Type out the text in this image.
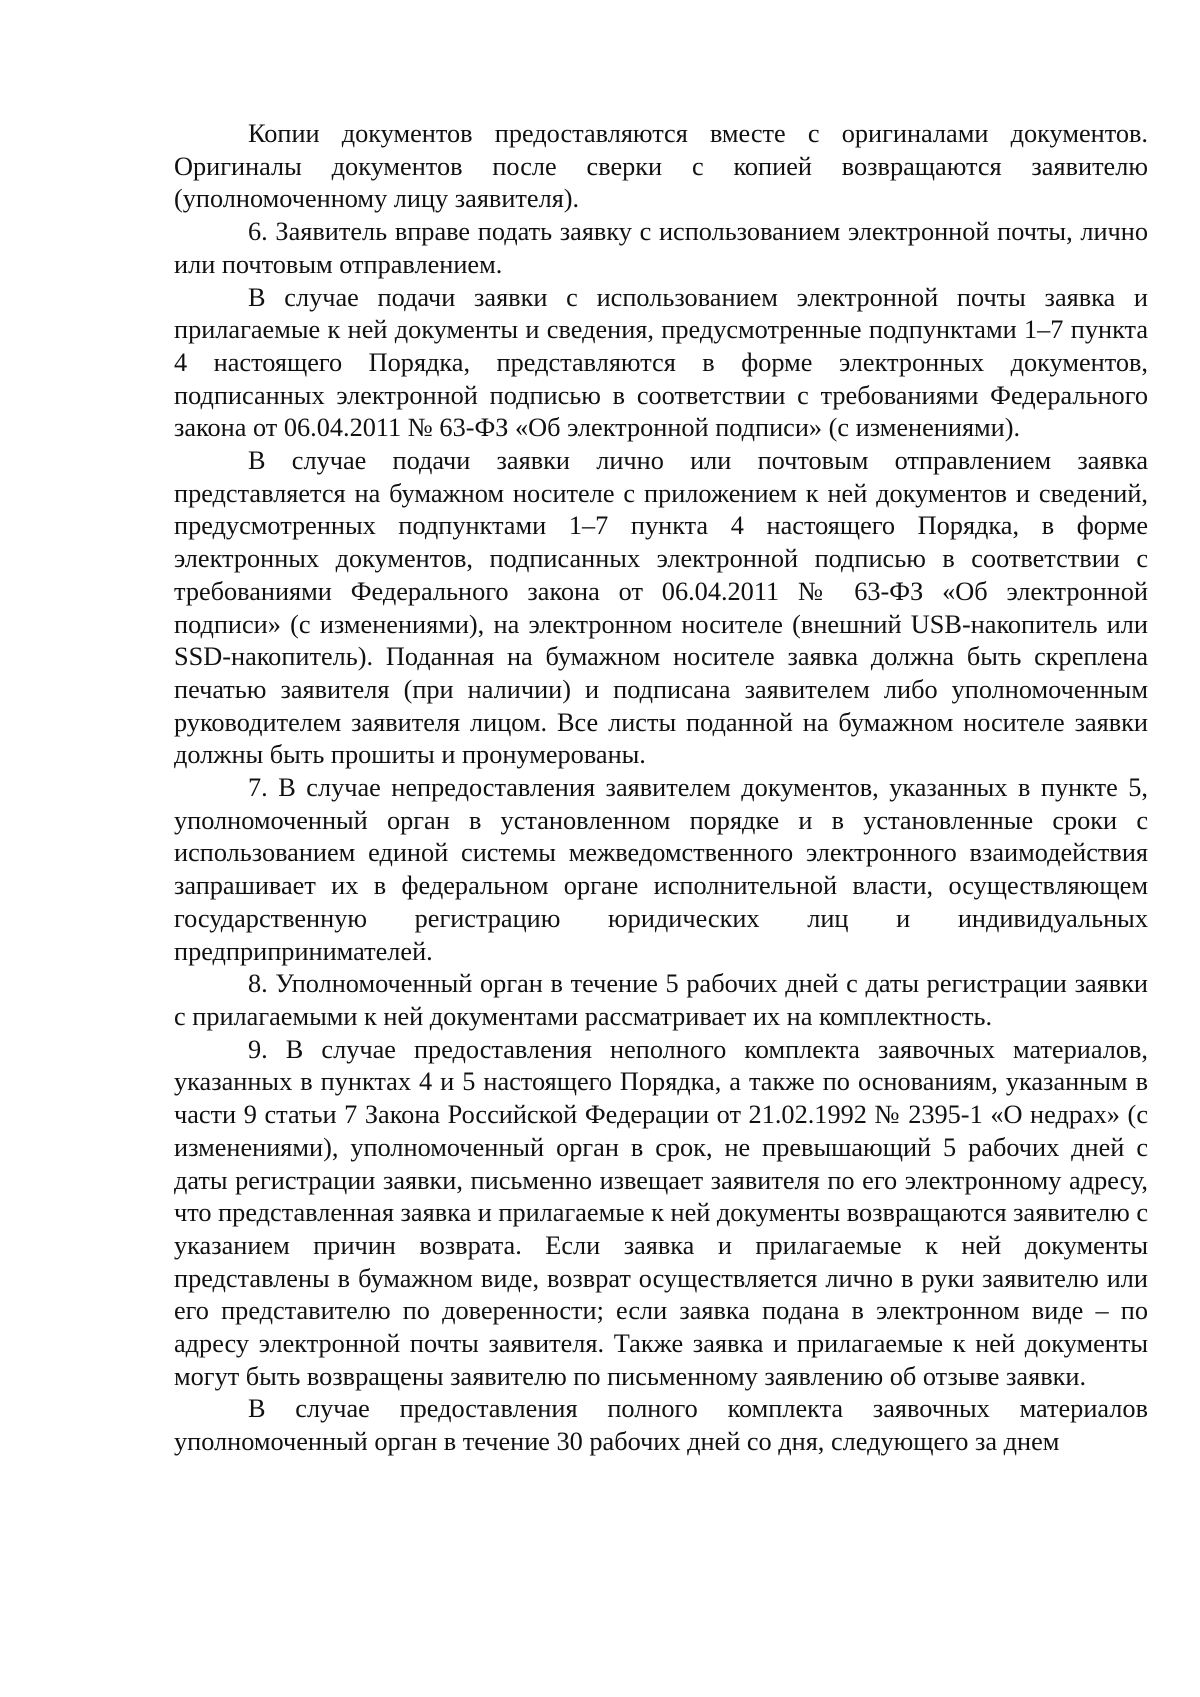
Копии документов предоставляются вместе с оригиналами документов. Оригиналы документов после сверки с копией возвращаются заявителю (уполномоченному лицу заявителя).

6. Заявитель вправе подать заявку с использованием электронной почты, лично или почтовым отправлением.

В случае подачи заявки с использованием электронной почты заявка и прилагаемые к ней документы и сведения, предусмотренные подпунктами 1–7 пункта 4 настоящего Порядка, представляются в форме электронных документов, подписанных электронной подписью в соответствии с требованиями Федерального закона от 06.04.2011 № 63-ФЗ «Об электронной подписи» (с изменениями).

В случае подачи заявки лично или почтовым отправлением заявка представляется на бумажном носителе с приложением к ней документов и сведений, предусмотренных подпунктами 1–7 пункта 4 настоящего Порядка, в форме электронных документов, подписанных электронной подписью в соответствии с требованиями Федерального закона от 06.04.2011 № 63-ФЗ «Об электронной подписи» (с изменениями), на электронном носителе (внешний USB-накопитель или SSD-накопитель). Поданная на бумажном носителе заявка должна быть скреплена печатью заявителя (при наличии) и подписана заявителем либо уполномоченным руководителем заявителя лицом. Все листы поданной на бумажном носителе заявки должны быть прошиты и пронумерованы.

7. В случае непредоставления заявителем документов, указанных в пункте 5, уполномоченный орган в установленном порядке и в установленные сроки с использованием единой системы межведомственного электронного взаимодействия запрашивает их в федеральном органе исполнительной власти, осуществляющем государственную регистрацию юридических лиц и индивидуальных предприпринимателей.

8. Уполномоченный орган в течение 5 рабочих дней с даты регистрации заявки с прилагаемыми к ней документами рассматривает их на комплектность.

9. В случае предоставления неполного комплекта заявочных материалов, указанных в пунктах 4 и 5 настоящего Порядка, а также по основаниям, указанным в части 9 статьи 7 Закона Российской Федерации от 21.02.1992 № 2395-1 «О недрах» (с изменениями), уполномоченный орган в срок, не превышающий 5 рабочих дней с даты регистрации заявки, письменно извещает заявителя по его электронному адресу, что представленная заявка и прилагаемые к ней документы возвращаются заявителю с указанием причин возврата. Если заявка и прилагаемые к ней документы представлены в бумажном виде, возврат осуществляется лично в руки заявителю или его представителю по доверенности; если заявка подана в электронном виде – по адресу электронной почты заявителя. Также заявка и прилагаемые к ней документы могут быть возвращены заявителю по письменному заявлению об отзыве заявки.

В случае предоставления полного комплекта заявочных материалов уполномоченный орган в течение 30 рабочих дней со дня, следующего за днем
